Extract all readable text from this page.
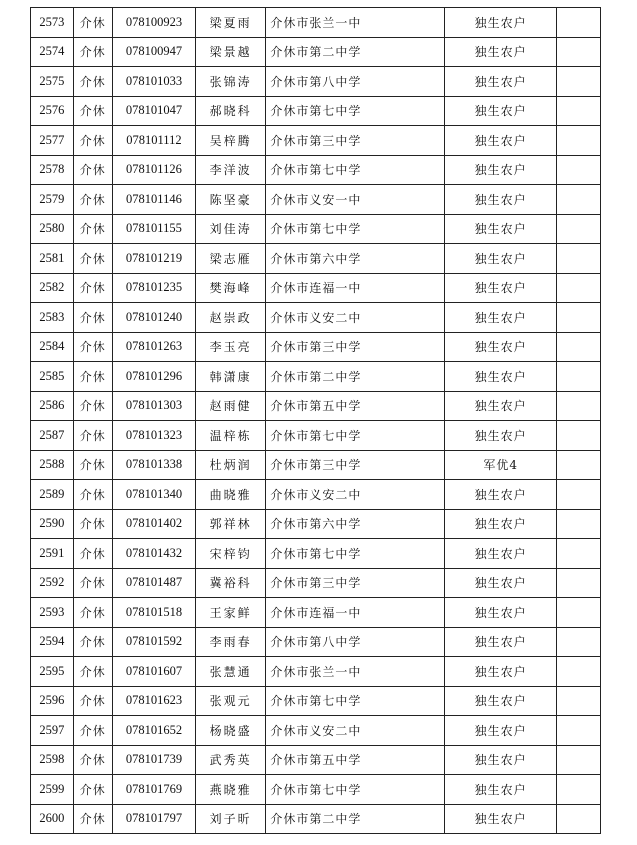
2573	介休	078100923	梁夏雨	介休市张兰一中	独生农户	
2574	介休	078100947	梁景越	介休市第二中学	独生农户	
2575	介休	078101033	张锦涛	介休市第八中学	独生农户	
2576	介休	078101047	郝晓科	介休市第七中学	独生农户	
2577	介休	078101112	吴梓腾	介休市第三中学	独生农户	
2578	介休	078101126	李洋波	介休市第七中学	独生农户	
2579	介休	078101146	陈坚豪	介休市义安一中	独生农户	
2580	介休	078101155	刘佳涛	介休市第七中学	独生农户	
2581	介休	078101219	梁志雁	介休市第六中学	独生农户	
2582	介休	078101235	樊海峰	介休市连福一中	独生农户	
2583	介休	078101240	赵崇政	介休市义安二中	独生农户	
2584	介休	078101263	李玉亮	介休市第三中学	独生农户	
2585	介休	078101296	韩潇康	介休市第二中学	独生农户	
2586	介休	078101303	赵雨健	介休市第五中学	独生农户	
2587	介休	078101323	温梓栋	介休市第七中学	独生农户	
2588	介休	078101338	杜炳润	介休市第三中学	军优4	
2589	介休	078101340	曲晓雅	介休市义安二中	独生农户	
2590	介休	078101402	郭祥林	介休市第六中学	独生农户	
2591	介休	078101432	宋梓钧	介休市第七中学	独生农户	
2592	介休	078101487	冀裕科	介休市第三中学	独生农户	
2593	介休	078101518	王家鲜	介休市连福一中	独生农户	
2594	介休	078101592	李雨春	介休市第八中学	独生农户	
2595	介休	078101607	张慧通	介休市张兰一中	独生农户	
2596	介休	078101623	张观元	介休市第七中学	独生农户	
2597	介休	078101652	杨晓盛	介休市义安二中	独生农户	
2598	介休	078101739	武秀英	介休市第五中学	独生农户	
2599	介休	078101769	燕晓雅	介休市第七中学	独生农户	
2600	介休	078101797	刘子昕	介休市第二中学	独生农户	
